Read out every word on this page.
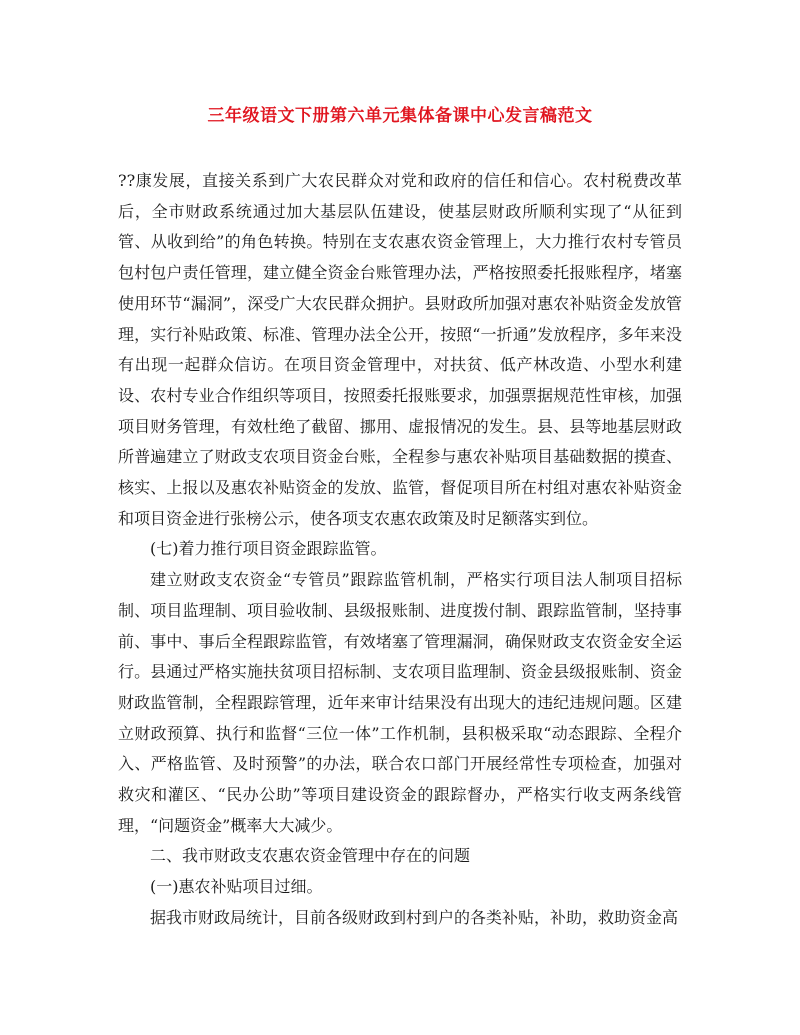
三年级语文下册第六单元集体备课中心发言稿范文

??康发展，直接关系到广大农民群众对党和政府的信任和信心。农村税费改革后，全市财政系统通过加大基层队伍建设，使基层财政所顺利实现了“从征到管、从收到给”的角色转换。特别在支农惠农资金管理上，大力推行农村专管员包村包户责任管理，建立健全资金台账管理办法，严格按照委托报账程序，堵塞使用环节“漏洞”，深受广大农民群众拥护。县财政所加强对惠农补贴资金发放管理，实行补贴政策、标准、管理办法全公开，按照“一折通”发放程序，多年来没有出现一起群众信访。在项目资金管理中，对扶贫、低产林改造、小型水利建设、农村专业合作组织等项目，按照委托报账要求，加强票据规范性审核，加强项目财务管理，有效杜绝了截留、挪用、虚报情况的发生。县、县等地基层财政所普遍建立了财政支农项目资金台账，全程参与惠农补贴项目基础数据的摸查、核实、上报以及惠农补贴资金的发放、监管，督促项目所在村组对惠农补贴资金和项目资金进行张榜公示，使各项支农惠农政策及时足额落实到位。

(七)着力推行项目资金跟踪监管。

建立财政支农资金“专管员”跟踪监管机制，严格实行项目法人制项目招标制、项目监理制、项目验收制、县级报账制、进度拨付制、跟踪监管制，坚持事前、事中、事后全程跟踪监管，有效堵塞了管理漏洞，确保财政支农资金安全运行。县通过严格实施扶贫项目招标制、支农项目监理制、资金县级报账制、资金财政监管制，全程跟踪管理，近年来审计结果没有出现大的违纪违规问题。区建立财政预算、执行和监督“三位一体”工作机制，县积极采取“动态跟踪、全程介入、严格监管、及时预警”的办法，联合农口部门开展经常性专项检查，加强对救灾和灌区、“民办公助”等项目建设资金的跟踪督办，严格实行收支两条线管理，“问题资金”概率大大减少。

二、我市财政支农惠农资金管理中存在的问题

(一)惠农补贴项目过细。

据我市财政局统计，目前各级财政到村到户的各类补贴，补助，救助资金高
